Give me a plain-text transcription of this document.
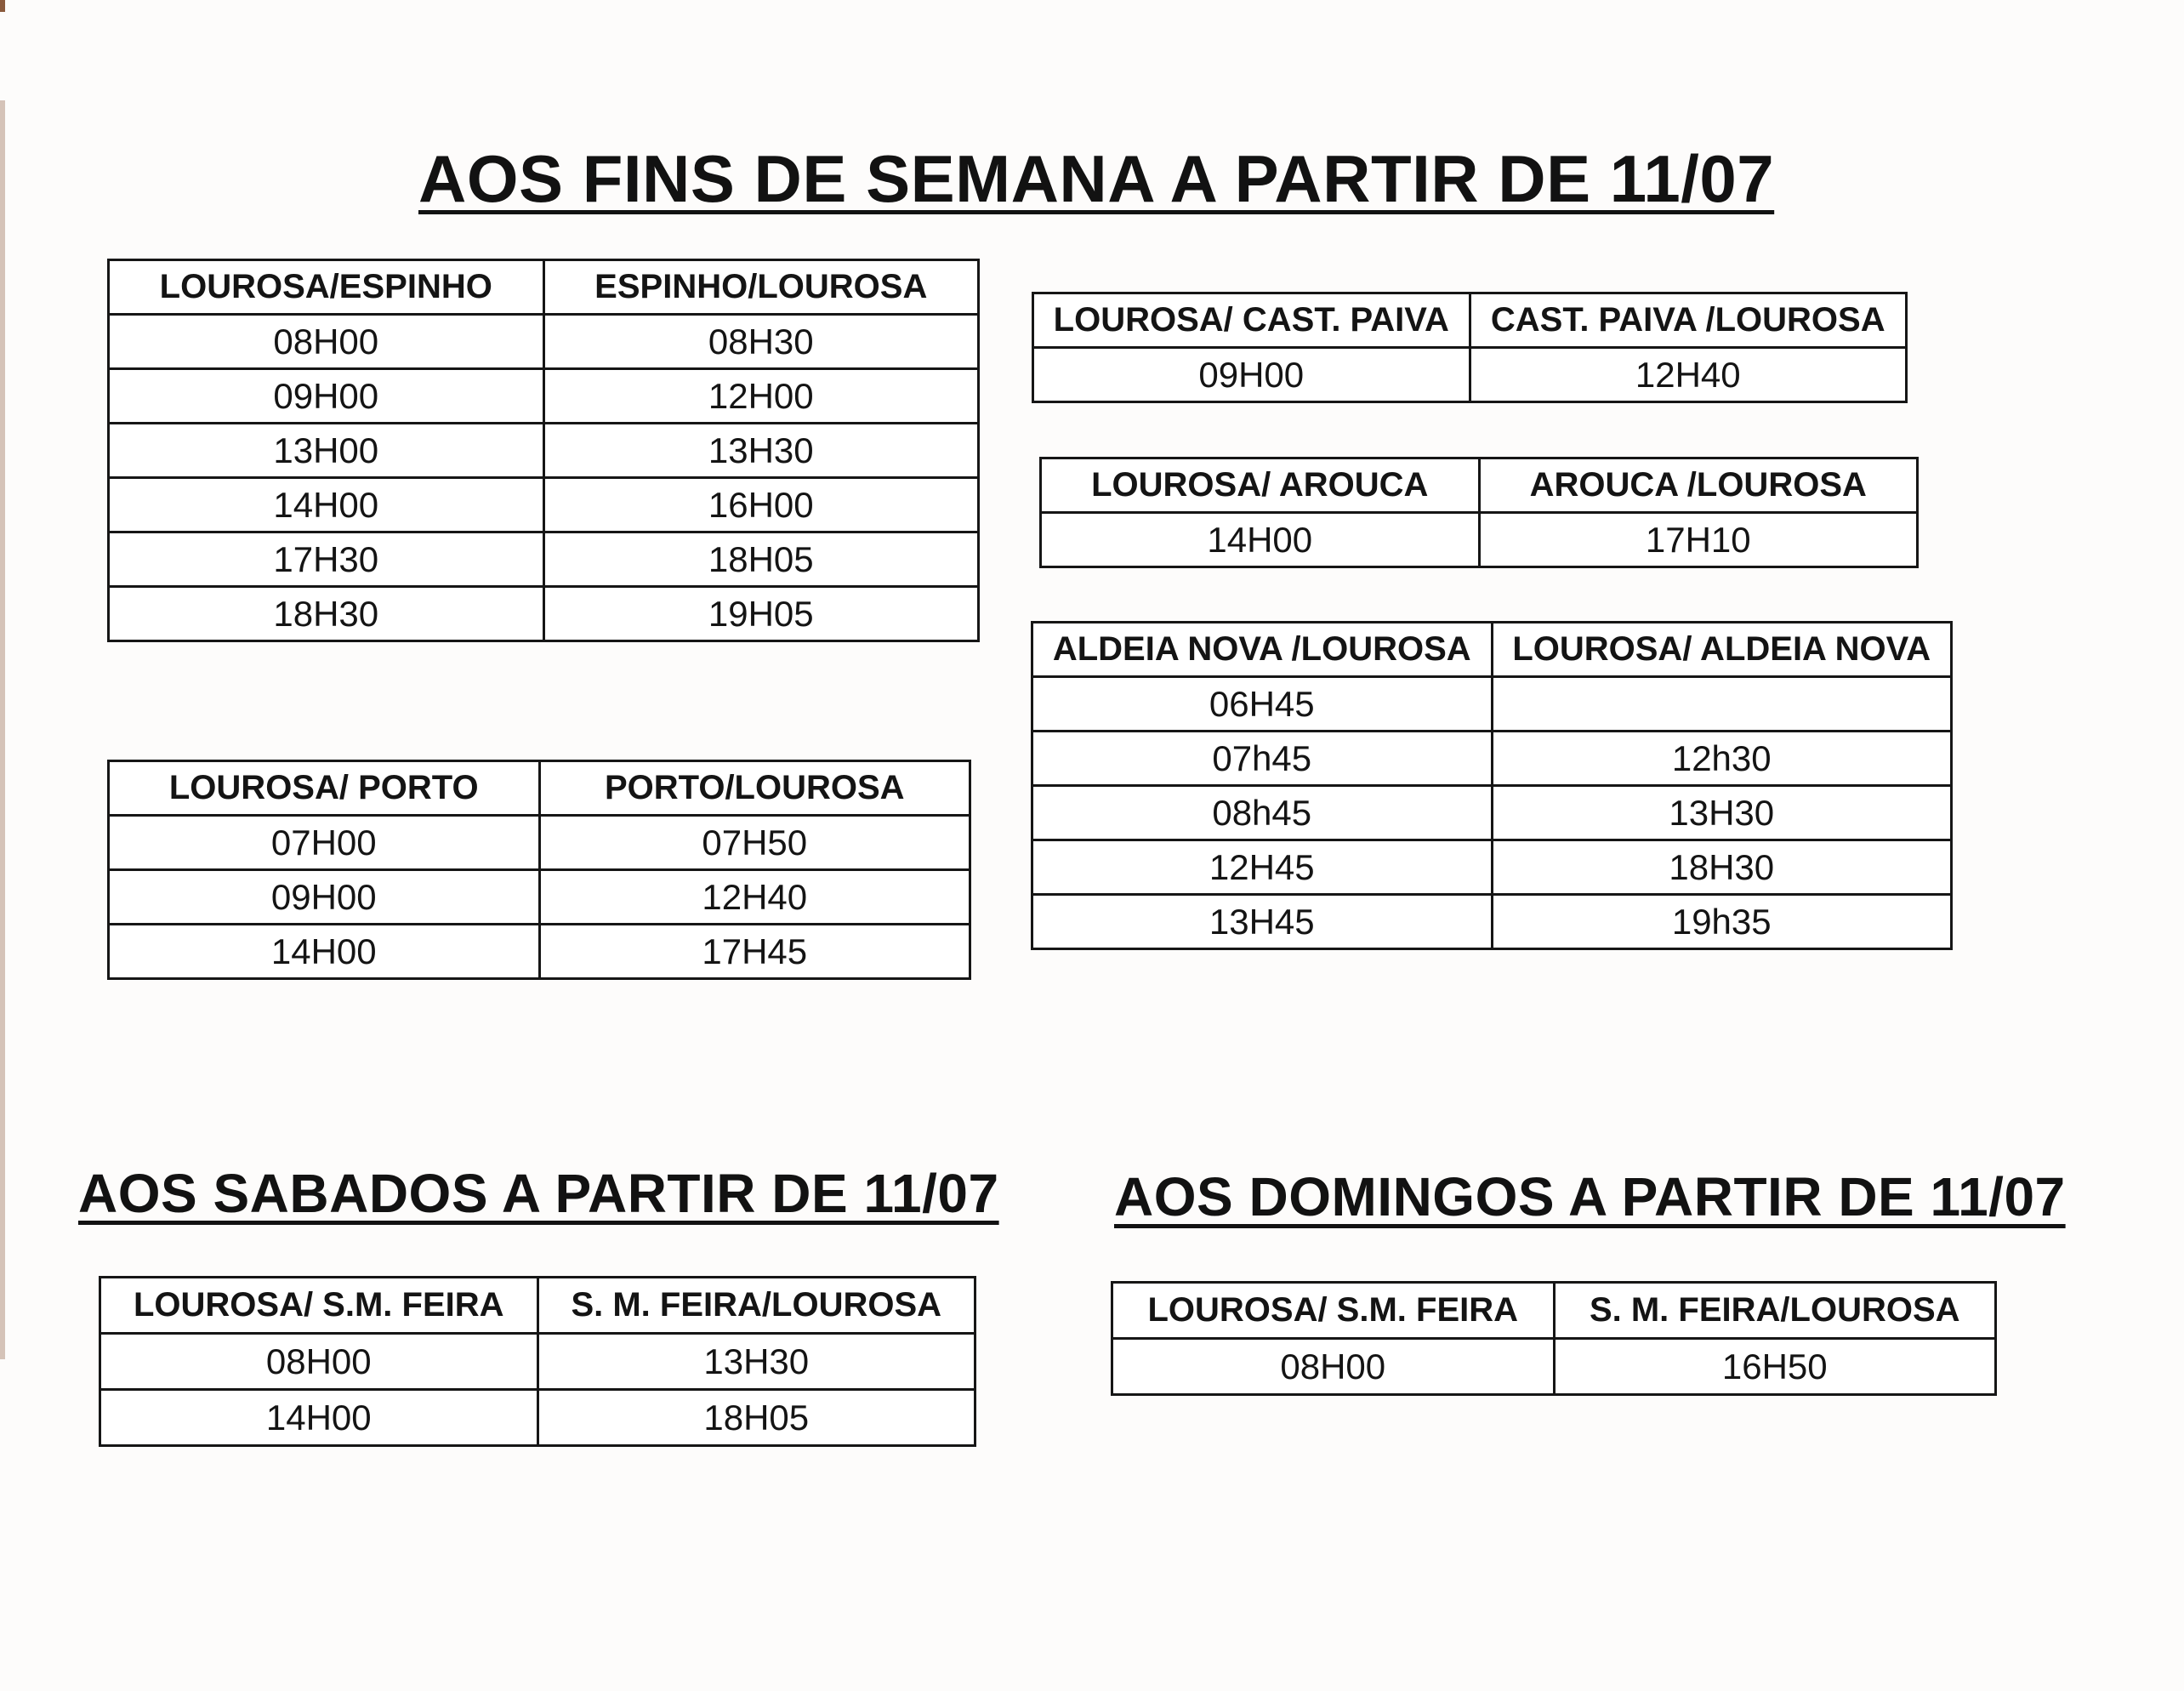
AOS FINS DE SEMANA A PARTIR DE 11/07
LOUROSA/ESPINHO	ESPINHO/LOUROSA
08H00	08H30
09H00	12H00
13H00	13H30
14H00	16H00
17H30	18H05
18H30	19H05
LOUROSA/ CAST. PAIVA	CAST. PAIVA /LOUROSA
09H00	12H40
LOUROSA/ AROUCA	AROUCA /LOUROSA
14H00	17H10
ALDEIA NOVA /LOUROSA	LOUROSA/ ALDEIA NOVA
06H45	
07h45	12h30
08h45	13H30
12H45	18H30
13H45	19h35
LOUROSA/ PORTO	PORTO/LOUROSA
07H00	07H50
09H00	12H40
14H00	17H45
AOS SABADOS A PARTIR DE 11/07 AOS DOMINGOS A PARTIR DE 11/07
LOUROSA/ S.M. FEIRA	S. M. FEIRA/LOUROSA
08H00	13H30
14H00	18H05
LOUROSA/ S.M. FEIRA	S. M. FEIRA/LOUROSA
08H00	16H50
